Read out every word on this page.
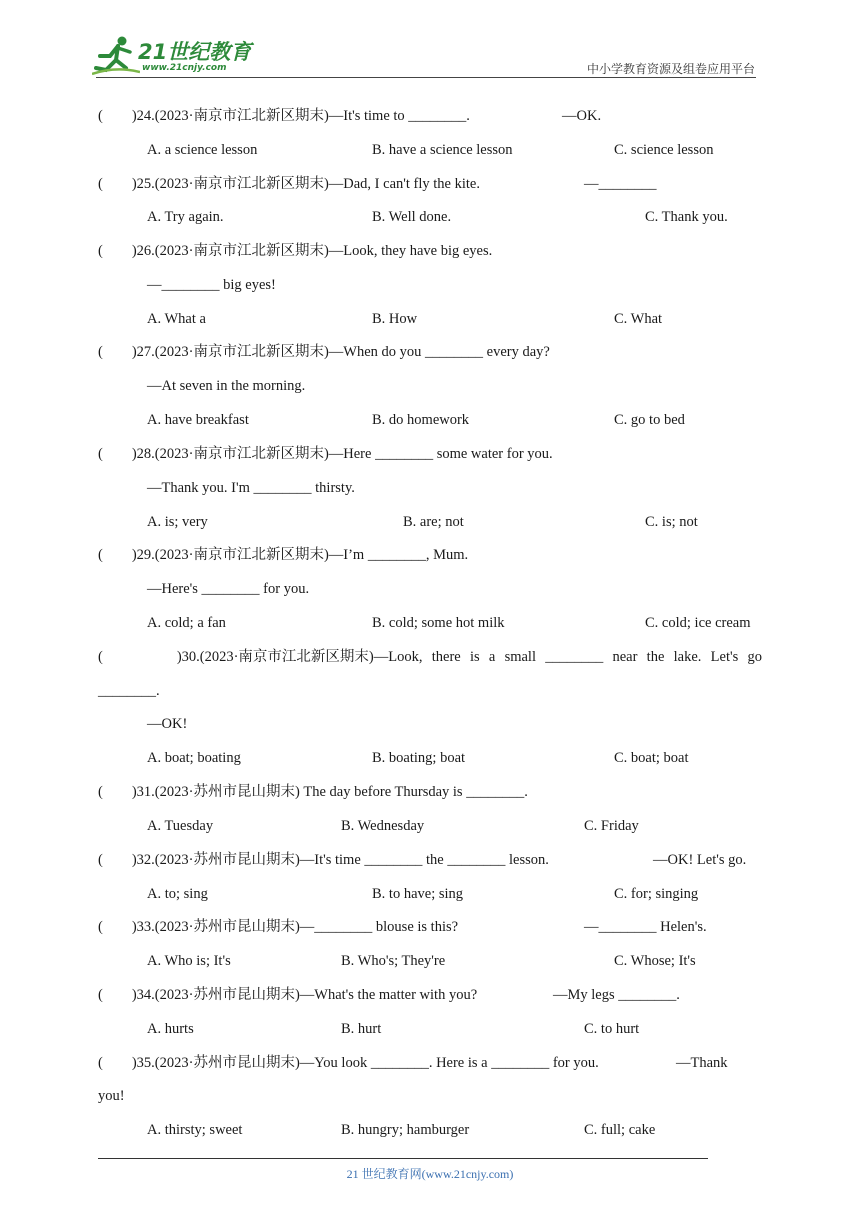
21世纪教育
www.21cnjy.com	中小学教育资源及组卷应用平台
(        )24.(2023·南京市江北新区期末)—It's time to ________.	—OK.
A. a science lesson	B. have a science lesson	C. science lesson
(        )25.(2023·南京市江北新区期末)—Dad, I can't fly the kite.	—________
A. Try again.	B. Well done.	C. Thank you.
(        )26.(2023·南京市江北新区期末)—Look, they have big eyes.
—________ big eyes!
A. What a	B. How	C. What
(        )27.(2023·南京市江北新区期末)—When do you ________ every day?
—At seven in the morning.
A. have breakfast	B. do homework	C. go to bed
(        )28.(2023·南京市江北新区期末)—Here ________ some water for you.
—Thank you. I'm ________ thirsty.
A. is; very	B. are; not	C. is; not
(        )29.(2023·南京市江北新区期末)—I’m ________, Mum.
—Here's ________ for you.
A. cold; a fan	B. cold; some hot milk	C. cold; ice cream
(        )30.(2023·南京市江北新区期末)—Look, there is a small ________ near the lake. Let's go
________.
—OK!
A. boat; boating	B. boating; boat	C. boat; boat
(        )31.(2023·苏州市昆山期末) The day before Thursday is ________.
A. Tuesday	B. Wednesday	C. Friday
(        )32.(2023·苏州市昆山期末)—It's time ________ the ________ lesson.	—OK! Let's go.
A. to; sing	B. to have; sing	C. for; singing
(        )33.(2023·苏州市昆山期末)—________ blouse is this?	—________ Helen's.
A. Who is; It's	B. Who's; They're	C. Whose; It's
(        )34.(2023·苏州市昆山期末)—What's the matter with you?	—My legs ________.
A. hurts	B. hurt	C. to hurt
(        )35.(2023·苏州市昆山期末)—You look ________. Here is a ________ for you.	—Thank
you!
A. thirsty; sweet	B. hungry; hamburger	C. full; cake
21 世纪教育网(www.21cnjy.com)
